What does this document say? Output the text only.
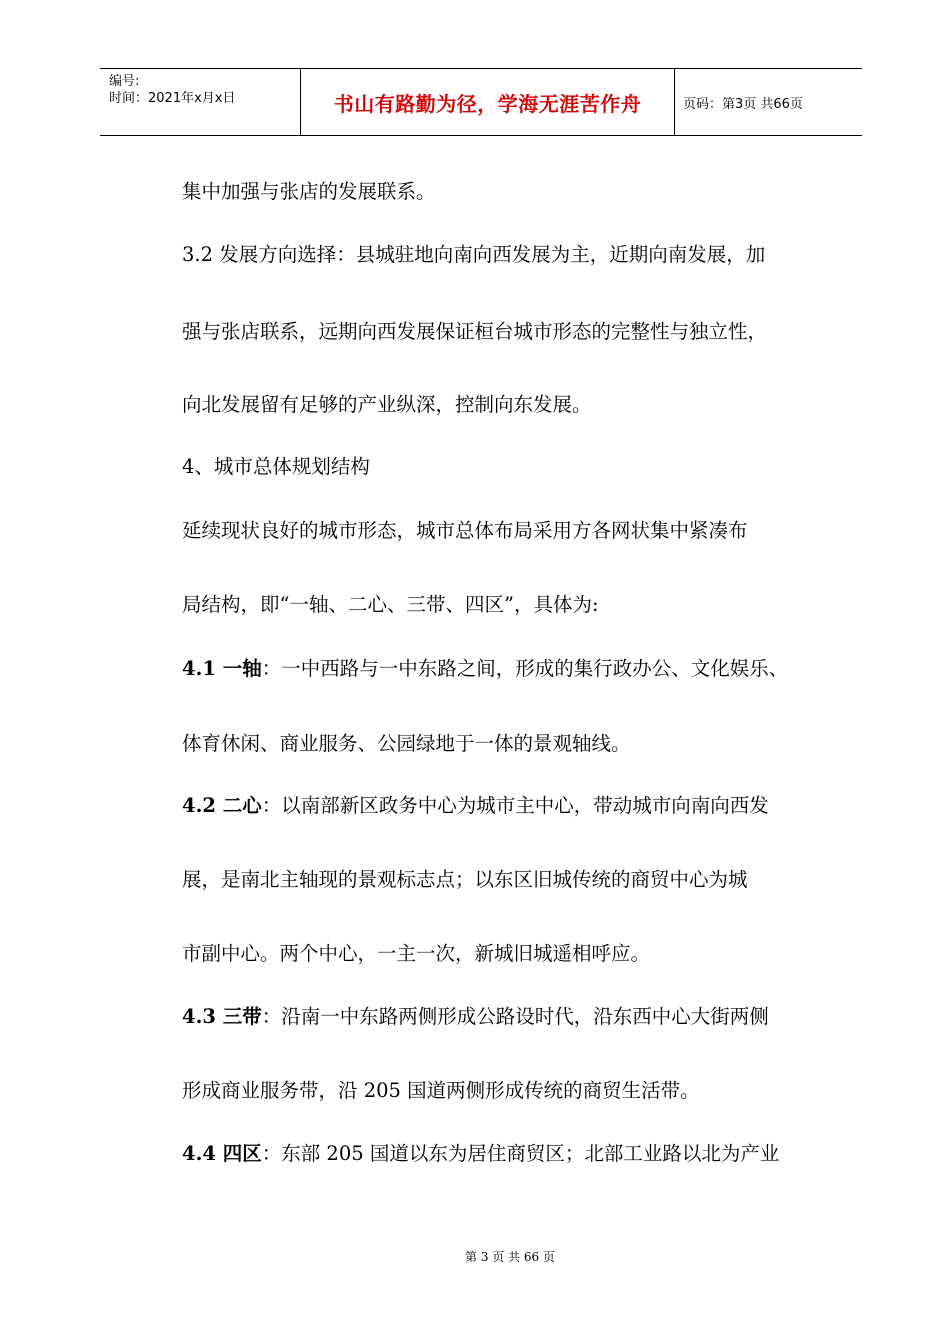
编号:
时间：2021年x月x日	书山有路勤为径，学海无涯苦作舟	页码：第3页 共66页
集中加强与张店的发展联系。
3.2 发展方向选择：县城驻地向南向西发展为主，近期向南发展，加
强与张店联系，远期向西发展保证桓台城市形态的完整性与独立性，
向北发展留有足够的产业纵深，控制向东发展。
4、城市总体规划结构
延续现状良好的城市形态，城市总体布局采用方各网状集中紧凑布
局结构，即“一轴、二心、三带、四区”，具体为:
4.1 一轴：一中西路与一中东路之间，形成的集行政办公、文化娱乐、
体育休闲、商业服务、公园绿地于一体的景观轴线。
4.2 二心：以南部新区政务中心为城市主中心，带动城市向南向西发
展，是南北主轴现的景观标志点；以东区旧城传统的商贸中心为城
市副中心。两个中心，一主一次，新城旧城遥相呼应。
4.3 三带：沿南一中东路两侧形成公路设时代，沿东西中心大街两侧
形成商业服务带，沿 205 国道两侧形成传统的商贸生活带。
4.4 四区：东部 205 国道以东为居住商贸区；北部工业路以北为产业
第 3 页 共 66 页
